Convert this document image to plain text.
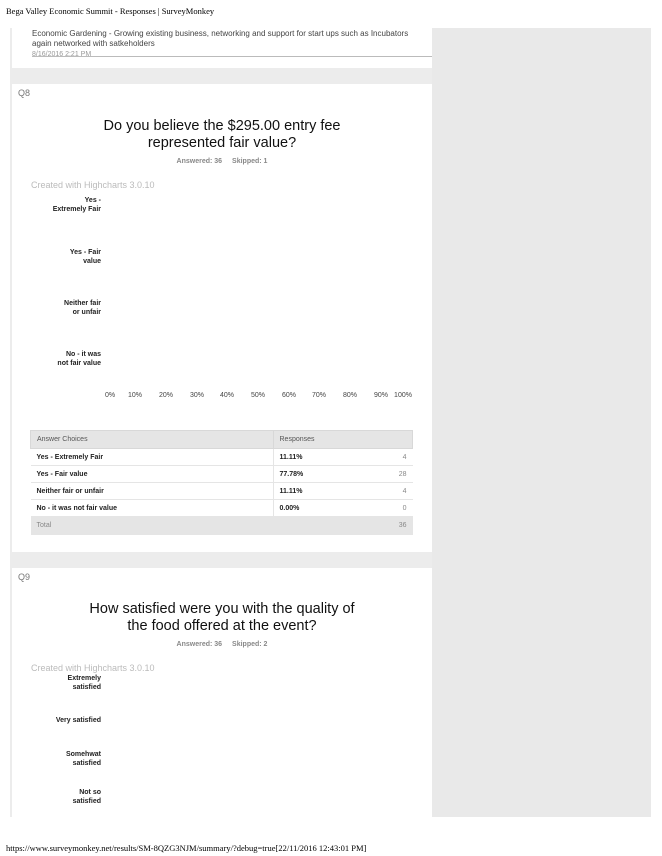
Bega Valley Economic Summit - Responses | SurveyMonkey
Economic Gardening - Growing existing business, networking and support for start ups such as Incubators again networked with satkeholders
8/16/2016 2:21 PM
Q8
Do you believe the $295.00 entry fee
represented fair value?
Answered: 36 Skipped: 1
Created with Highcharts 3.0.10
Yes -
Extremely Fair
Yes - Fair
value
Neither fair
or unfair
No - it was
not fair value
0% 10% 20% 30% 40% 50% 60% 70% 80% 90% 100%
Answer Choices	Responses	
Yes - Extremely Fair	11.11%	4
Yes - Fair value	77.78%	28
Neither fair or unfair	11.11%	4
No - it was not fair value	0.00%	0
Total		36
Q9
How satisfied were you with the quality of
the food offered at the event?
Answered: 36 Skipped: 2
Created with Highcharts 3.0.10
Extremely
satisfied
Very satisfied
Somehwat
satisfied
Not so
satisfied
https://www.surveymonkey.net/results/SM-8QZG3NJM/summary/?debug=true[22/11/2016 12:43:01 PM]
